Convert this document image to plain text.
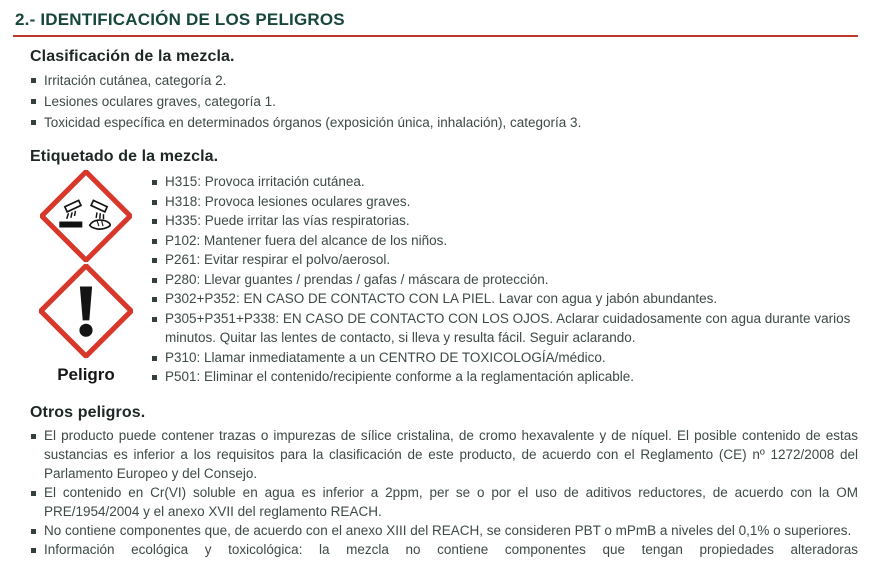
2.- IDENTIFICACIÓN DE LOS PELIGROS
Clasificación de la mezcla.
Irritación cutánea, categoría 2.
Lesiones oculares graves, categoría 1.
Toxicidad específica en determinados órganos (exposición única, inhalación), categoría 3.
Etiquetado de la mezcla.
Peligro
H315: Provoca irritación cutánea.
H318: Provoca lesiones oculares graves.
H335: Puede irritar las vías respiratorias.
P102: Mantener fuera del alcance de los niños.
P261: Evitar respirar el polvo/aerosol.
P280: Llevar guantes / prendas / gafas / máscara de protección.
P302+P352: EN CASO DE CONTACTO CON LA PIEL. Lavar con agua y jabón abundantes.
P305+P351+P338: EN CASO DE CONTACTO CON LOS OJOS. Aclarar cuidadosamente con agua durante varios minutos. Quitar las lentes de contacto, si lleva y resulta fácil. Seguir aclarando.
P310: Llamar inmediatamente a un CENTRO DE TOXICOLOGÍA/médico.
P501: Eliminar el contenido/recipiente conforme a la reglamentación aplicable.
Otros peligros.
El producto puede contener trazas o impurezas de sílice cristalina, de cromo hexavalente y de níquel. El posible contenido de estas sustancias es inferior a los requisitos para la clasificación de este producto, de acuerdo con el Reglamento (CE) nº 1272/2008 del Parlamento Europeo y del Consejo.
El contenido en Cr(VI) soluble en agua es inferior a 2ppm, per se o por el uso de aditivos reductores, de acuerdo con la OM PRE/1954/2004 y el anexo XVII del reglamento REACH.
No contiene componentes que, de acuerdo con el anexo XIII del REACH, se consideren PBT o mPmB a niveles del 0,1% o superiores.
Información ecológica y toxicológica: la mezcla no contiene componentes que tengan propiedades alteradoras
